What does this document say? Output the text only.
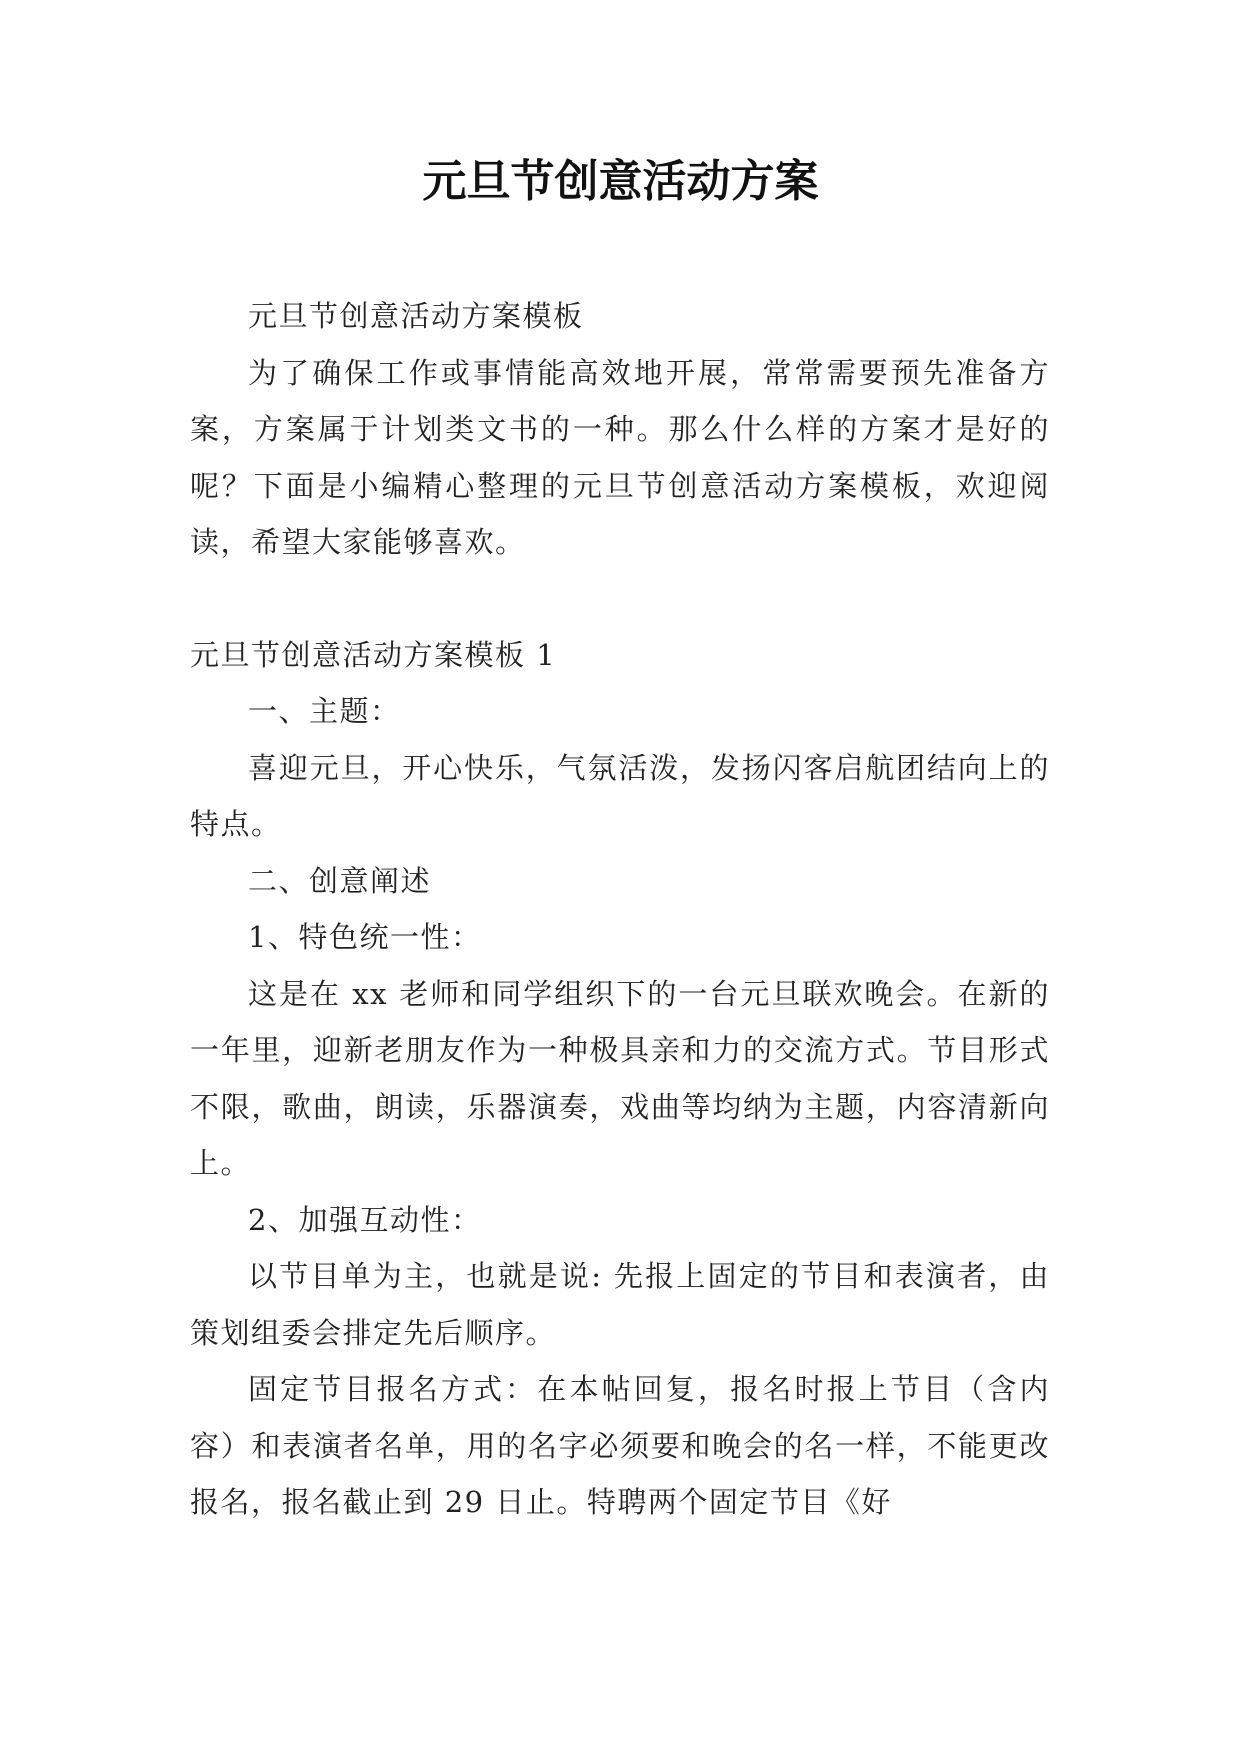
元旦节创意活动方案

元旦节创意活动方案模板

为了确保工作或事情能高效地开展，常常需要预先准备方案，方案属于计划类文书的一种。那么什么样的方案才是好的呢？下面是小编精心整理的元旦节创意活动方案模板，欢迎阅读，希望大家能够喜欢。

元旦节创意活动方案模板 1

一、主题：

喜迎元旦，开心快乐，气氛活泼，发扬闪客启航团结向上的特点。

二、创意阐述

1、特色统一性：

这是在 xx 老师和同学组织下的一台元旦联欢晚会。在新的一年里，迎新老朋友作为一种极具亲和力的交流方式。节目形式不限，歌曲，朗读，乐器演奏，戏曲等均纳为主题，内容清新向上。

2、加强互动性：

以节目单为主，也就是说: 先报上固定的节目和表演者，由策划组委会排定先后顺序。

固定节目报名方式：在本帖回复，报名时报上节目（含内容）和表演者名单，用的名字必须要和晚会的名一样，不能更改报名，报名截止到 29 日止。特聘两个固定节目《好
